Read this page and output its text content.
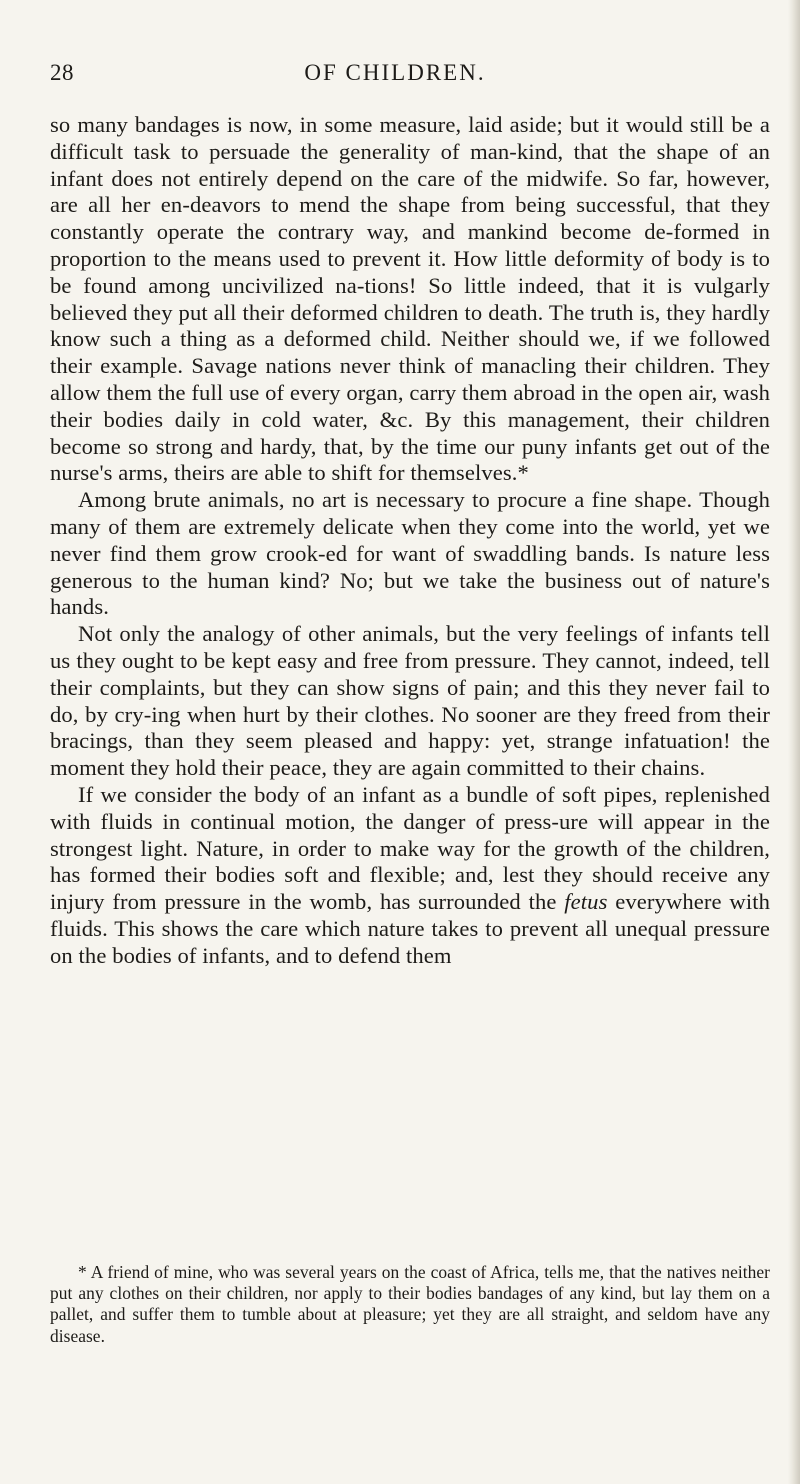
28	OF CHILDREN.

so many bandages is now, in some measure, laid aside; but it would still be a difficult task to persuade the generality of man-kind, that the shape of an infant does not entirely depend on the care of the midwife. So far, however, are all her en-deavors to mend the shape from being successful, that they constantly operate the contrary way, and mankind become de-formed in proportion to the means used to prevent it. How little deformity of body is to be found among uncivilized na-tions! So little indeed, that it is vulgarly believed they put all their deformed children to death. The truth is, they hardly know such a thing as a deformed child. Neither should we, if we followed their example. Savage nations never think of manacling their children. They allow them the full use of every organ, carry them abroad in the open air, wash their bodies daily in cold water, &c. By this management, their children become so strong and hardy, that, by the time our puny infants get out of the nurse's arms, theirs are able to shift for themselves.*

Among brute animals, no art is necessary to procure a fine shape. Though many of them are extremely delicate when they come into the world, yet we never find them grow crook-ed for want of swaddling bands. Is nature less generous to the human kind? No; but we take the business out of nature's hands.

Not only the analogy of other animals, but the very feelings of infants tell us they ought to be kept easy and free from pressure. They cannot, indeed, tell their complaints, but they can show signs of pain; and this they never fail to do, by cry-ing when hurt by their clothes. No sooner are they freed from their bracings, than they seem pleased and happy: yet, strange infatuation! the moment they hold their peace, they are again committed to their chains.

If we consider the body of an infant as a bundle of soft pipes, replenished with fluids in continual motion, the danger of press-ure will appear in the strongest light. Nature, in order to make way for the growth of the children, has formed their bodies soft and flexible; and, lest they should receive any injury from pressure in the womb, has surrounded the fetus everywhere with fluids. This shows the care which nature takes to prevent all unequal pressure on the bodies of infants, and to defend them

* A friend of mine, who was several years on the coast of Africa, tells me, that the natives neither put any clothes on their children, nor apply to their bodies bandages of any kind, but lay them on a pallet, and suffer them to tumble about at pleasure; yet they are all straight, and seldom have any disease.
